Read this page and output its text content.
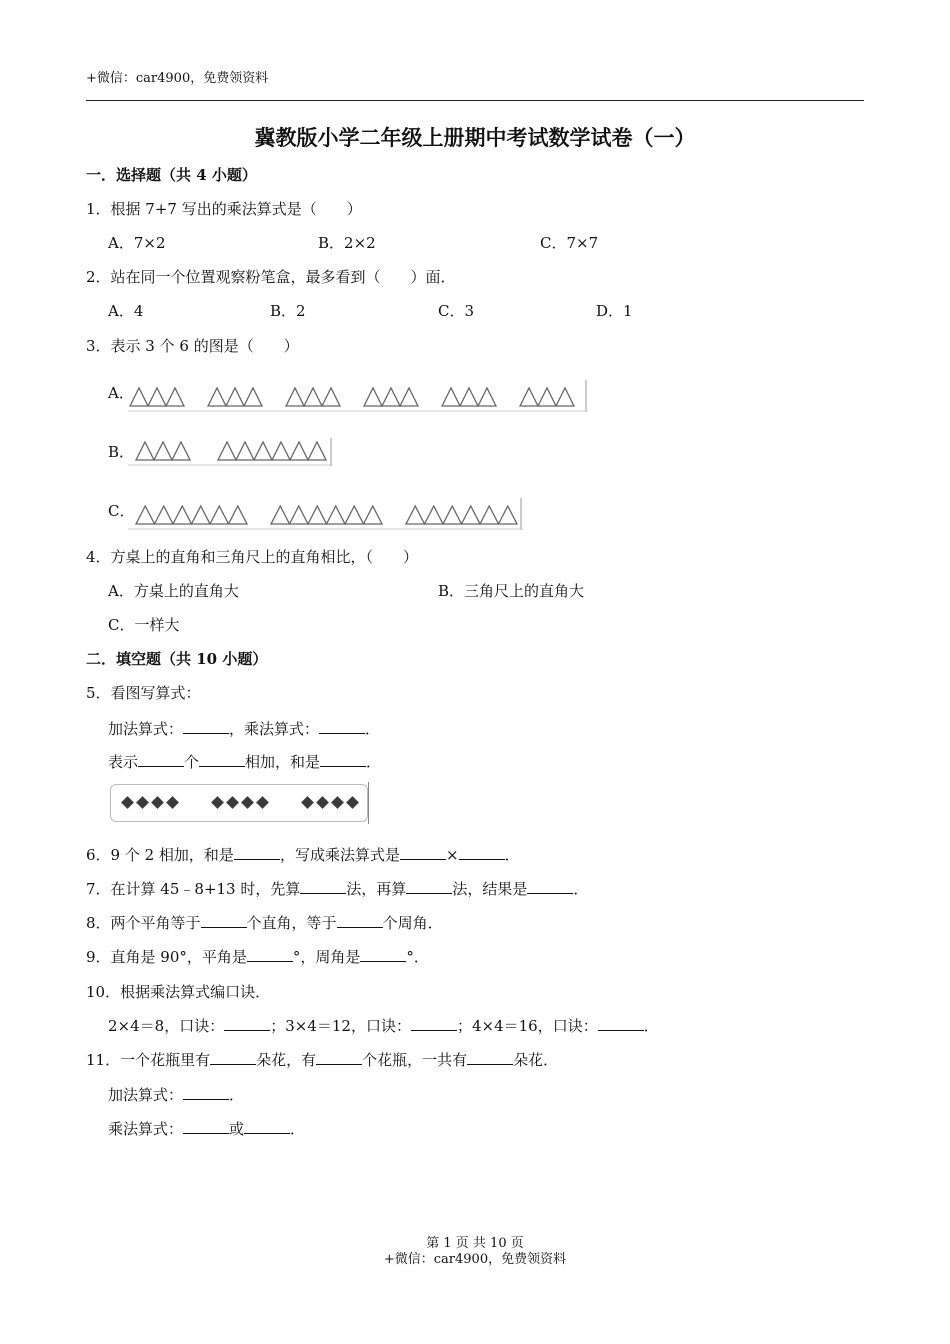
+微信：car4900，免费领资料
冀教版小学二年级上册期中考试数学试卷（一）
一．选择题（共 4 小题）
1．根据 7+7 写出的乘法算式是（　　）
A．7×2	B．2×2	C．7×7
2．站在同一个位置观察粉笔盒，最多看到（　　）面．
A．4	B．2	C．3	D．1
3．表示 3 个 6 的图是（　　）
A．
B．
C．
4．方桌上的直角和三角尺上的直角相比，（　　）
A．方桌上的直角大	B．三角尺上的直角大
C．一样大
二．填空题（共 10 小题）
5．看图写算式：
加法算式：	，乘法算式：	．
表示	个	相加，和是	．
6．9 个 2 相加，和是	，写成乘法算式是	×	．
7．在计算 45﹣8+13 时，先算	法，再算	法，结果是	．
8．两个平角等于	个直角，等于	个周角．
9．直角是 90°，平角是	°，周角是	°．
10．根据乘法算式编口诀．
2×4＝8，口诀：	；3×4＝12，口诀：	；4×4＝16，口诀：	．
11．一个花瓶里有	朵花，有	个花瓶，一共有	朵花．
加法算式：	．
乘法算式：	或	．
第 1 页 共 10 页
+微信：car4900，免费领资料
